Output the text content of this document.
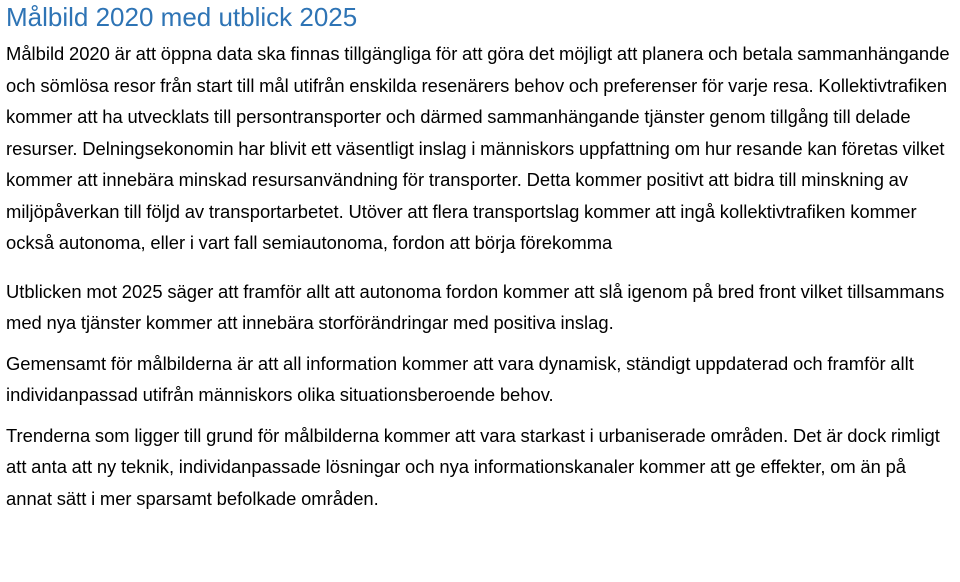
Målbild 2020 med utblick 2025

Målbild 2020 är att öppna data ska finnas tillgängliga för att göra det möjligt att planera och betala sammanhängande och sömlösa resor från start till mål utifrån enskilda resenärers behov och preferenser för varje resa. Kollektivtrafiken kommer att ha utvecklats till persontransporter och därmed sammanhängande tjänster genom tillgång till delade resurser. Delningsekonomin har blivit ett väsentligt inslag i människors uppfattning om hur resande kan företas vilket kommer att innebära minskad resursanvändning för transporter. Detta kommer positivt att bidra till minskning av miljöpåverkan till följd av transportarbetet. Utöver att flera transportslag kommer att ingå kollektivtrafiken kommer också autonoma, eller i vart fall semiautonoma, fordon att börja förekomma

Utblicken mot 2025 säger att framför allt att autonoma fordon kommer att slå igenom på bred front vilket tillsammans med nya tjänster kommer att innebära storförändringar med positiva inslag.

Gemensamt för målbilderna är att all information kommer att vara dynamisk, ständigt uppdaterad och framför allt individanpassad utifrån människors olika situationsberoende behov.

Trenderna som ligger till grund för målbilderna kommer att vara starkast i urbaniserade områden. Det är dock rimligt att anta att ny teknik, individanpassade lösningar och nya informationskanaler kommer att ge effekter, om än på annat sätt i mer sparsamt befolkade områden.
